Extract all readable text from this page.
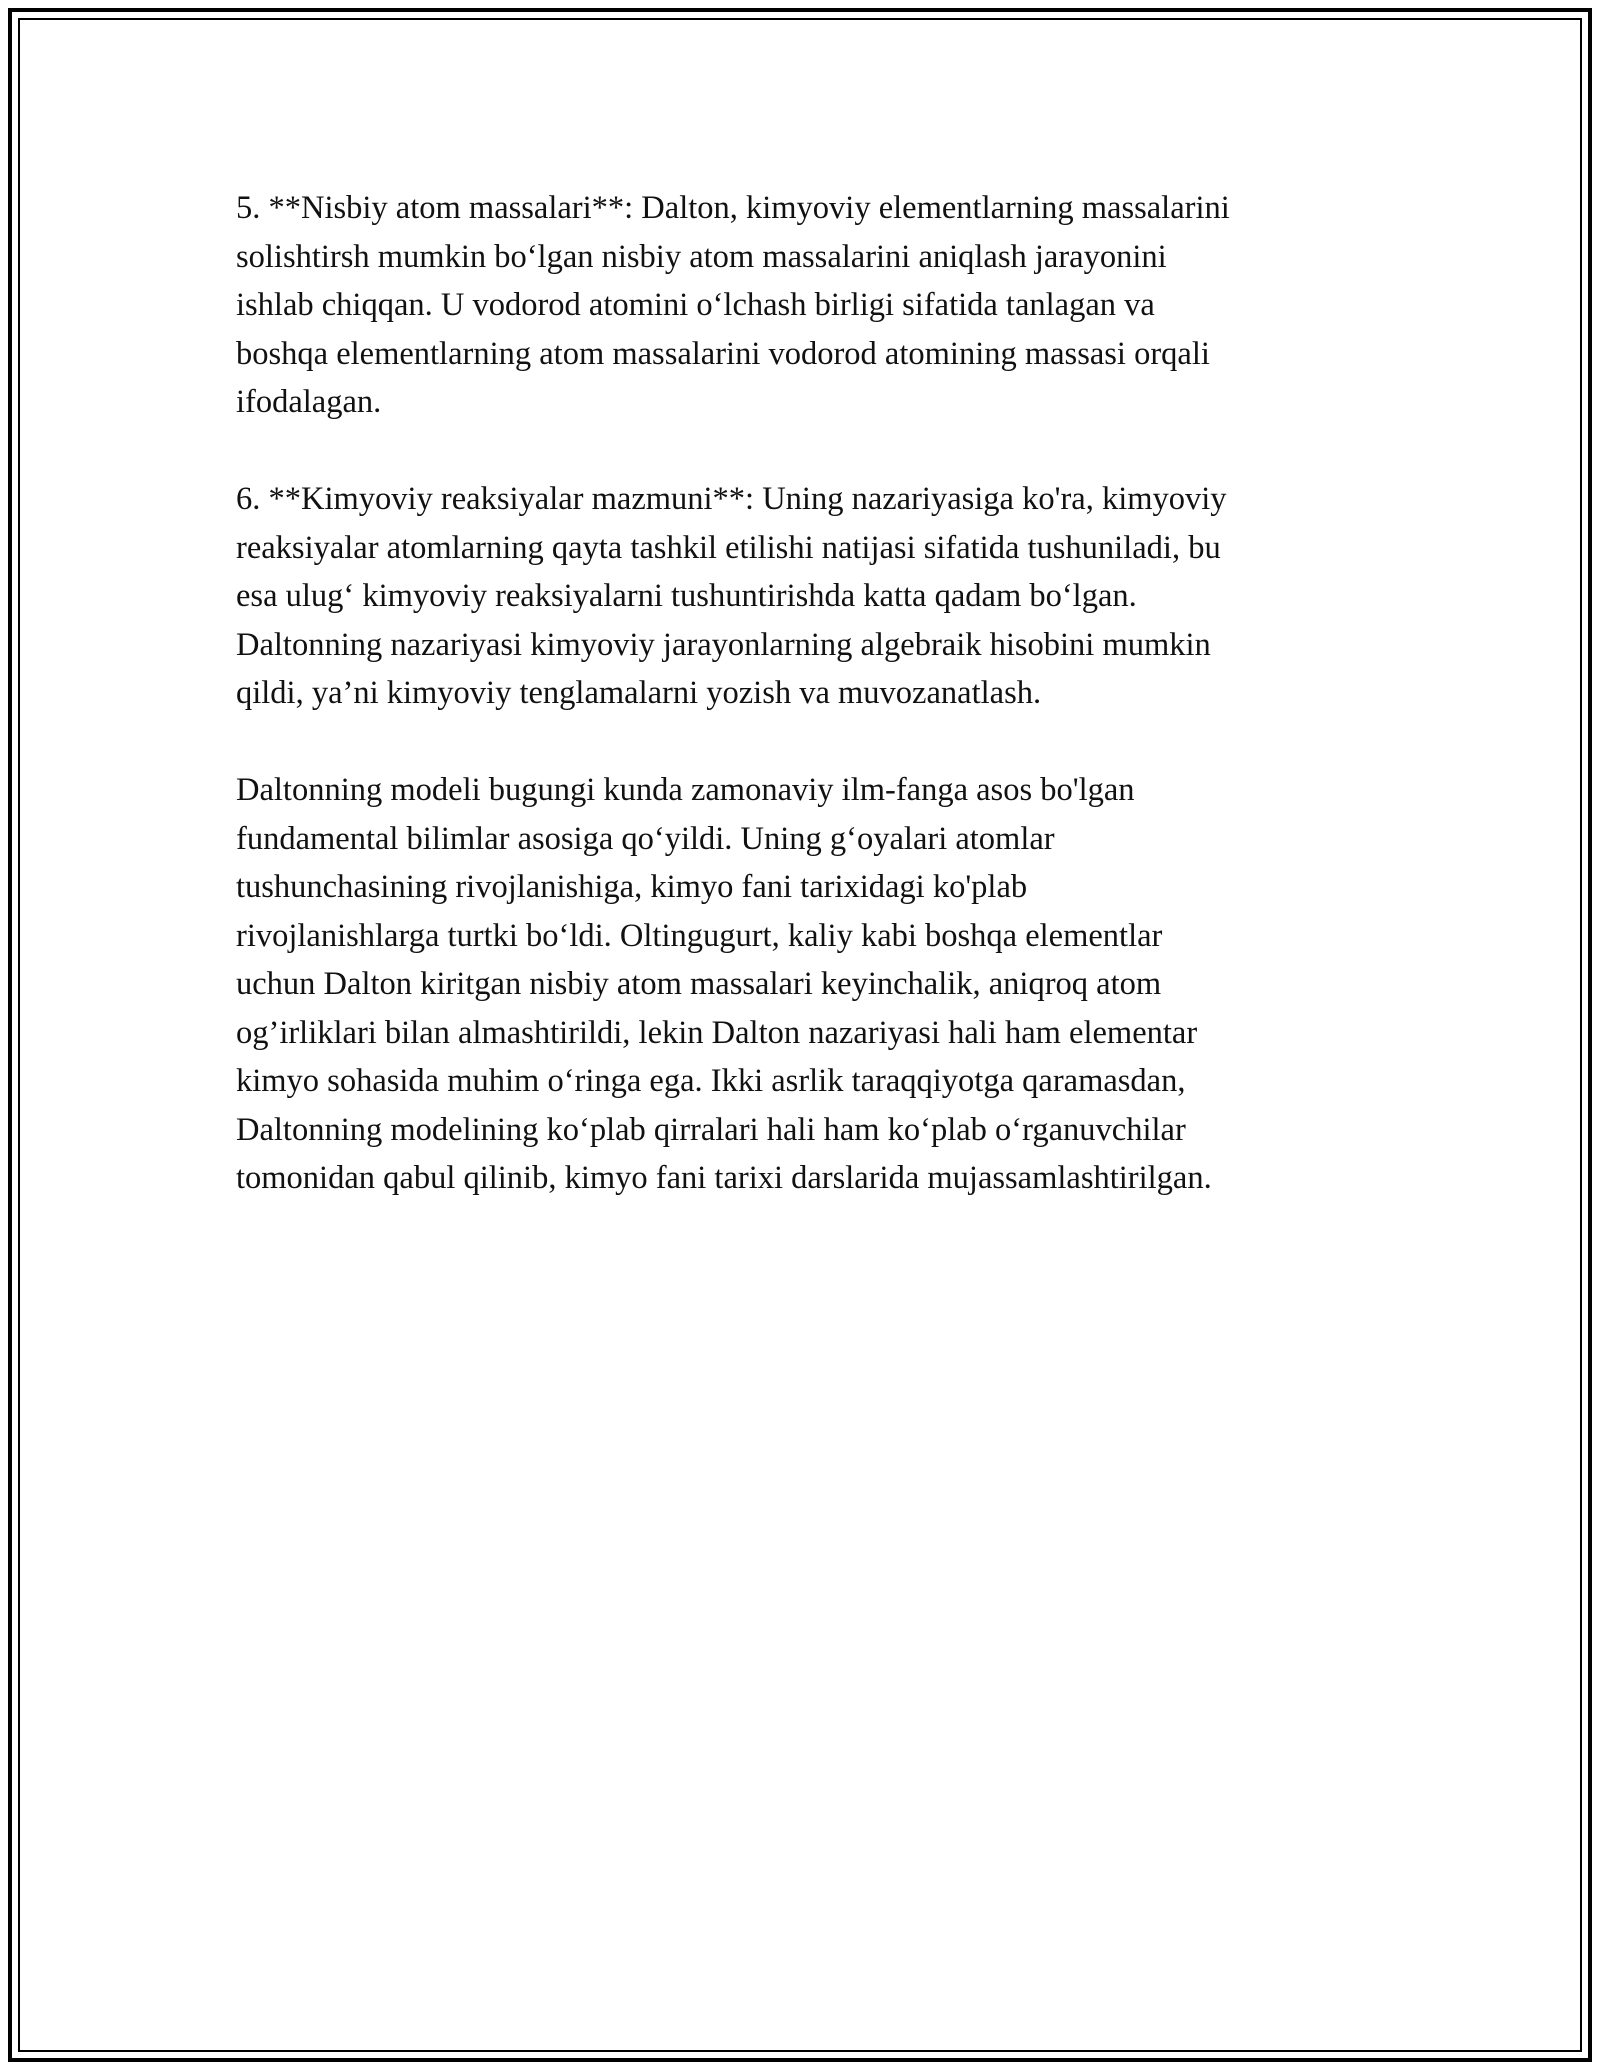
5. **Nisbiy atom massalari**: Dalton, kimyoviy elementlarning massalarini
solishtirsh mumkin bo‘lgan nisbiy atom massalarini aniqlash jarayonini
ishlab chiqqan. U vodorod atomini o‘lchash birligi sifatida tanlagan va
boshqa elementlarning atom massalarini vodorod atomining massasi orqali
ifodalagan.

6. **Kimyoviy reaksiyalar mazmuni**: Uning nazariyasiga ko'ra, kimyoviy
reaksiyalar atomlarning qayta tashkil etilishi natijasi sifatida tushuniladi, bu
esa ulug‘ kimyoviy reaksiyalarni tushuntirishda katta qadam bo‘lgan.
Daltonning nazariyasi kimyoviy jarayonlarning algebraik hisobini mumkin
qildi, ya’ni kimyoviy tenglamalarni yozish va muvozanatlash.

Daltonning modeli bugungi kunda zamonaviy ilm-fanga asos bo'lgan
fundamental bilimlar asosiga qo‘yildi. Uning g‘oyalari atomlar
tushunchasining rivojlanishiga, kimyo fani tarixidagi ko'plab
rivojlanishlarga turtki bo‘ldi. Oltingugurt, kaliy kabi boshqa elementlar
uchun Dalton kiritgan nisbiy atom massalari keyinchalik, aniqroq atom
og’irliklari bilan almashtirildi, lekin Dalton nazariyasi hali ham elementar
kimyo sohasida muhim o‘ringa ega. Ikki asrlik taraqqiyotga qaramasdan,
Daltonning modelining ko‘plab qirralari hali ham ko‘plab o‘rganuvchilar
tomonidan qabul qilinib, kimyo fani tarixi darslarida mujassamlashtirilgan.
